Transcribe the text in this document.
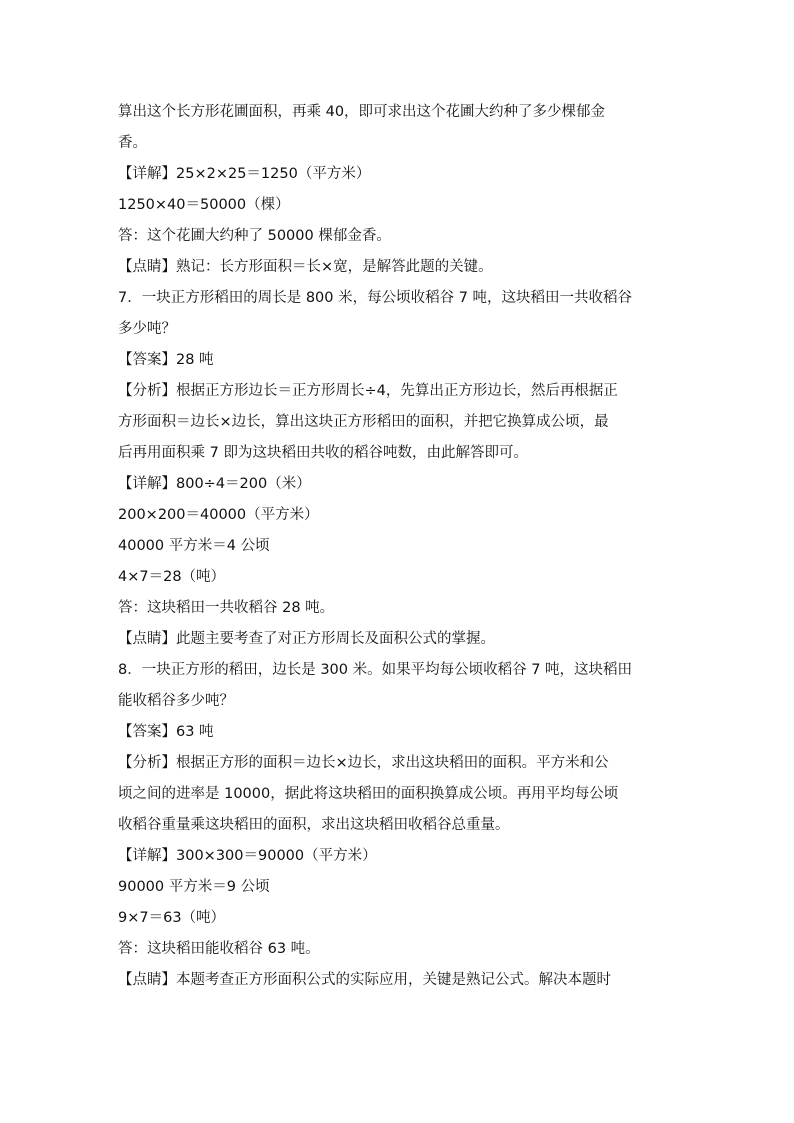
算出这个长方形花圃面积，再乘 40，即可求出这个花圃大约种了多少棵郁金
香。
【详解】25×2×25＝1250（平方米）
1250×40＝50000（棵）
答：这个花圃大约种了 50000 棵郁金香。
【点睛】熟记：长方形面积＝长×宽，是解答此题的关键。
7．一块正方形稻田的周长是 800 米，每公顷收稻谷 7 吨，这块稻田一共收稻谷
多少吨？
【答案】28 吨
【分析】根据正方形边长＝正方形周长÷4，先算出正方形边长，然后再根据正
方形面积＝边长×边长，算出这块正方形稻田的面积，并把它换算成公顷，最
后再用面积乘 7 即为这块稻田共收的稻谷吨数，由此解答即可。
【详解】800÷4＝200（米）
200×200＝40000（平方米）
40000 平方米＝4 公顷
4×7＝28（吨）
答：这块稻田一共收稻谷 28 吨。
【点睛】此题主要考查了对正方形周长及面积公式的掌握。
8．一块正方形的稻田，边长是 300 米。如果平均每公顷收稻谷 7 吨，这块稻田
能收稻谷多少吨？
【答案】63 吨
【分析】根据正方形的面积＝边长×边长，求出这块稻田的面积。平方米和公
顷之间的进率是 10000，据此将这块稻田的面积换算成公顷。再用平均每公顷
收稻谷重量乘这块稻田的面积，求出这块稻田收稻谷总重量。
【详解】300×300＝90000（平方米）
90000 平方米＝9 公顷
9×7＝63（吨）
答：这块稻田能收稻谷 63 吨。
【点睛】本题考查正方形面积公式的实际应用，关键是熟记公式。解决本题时
